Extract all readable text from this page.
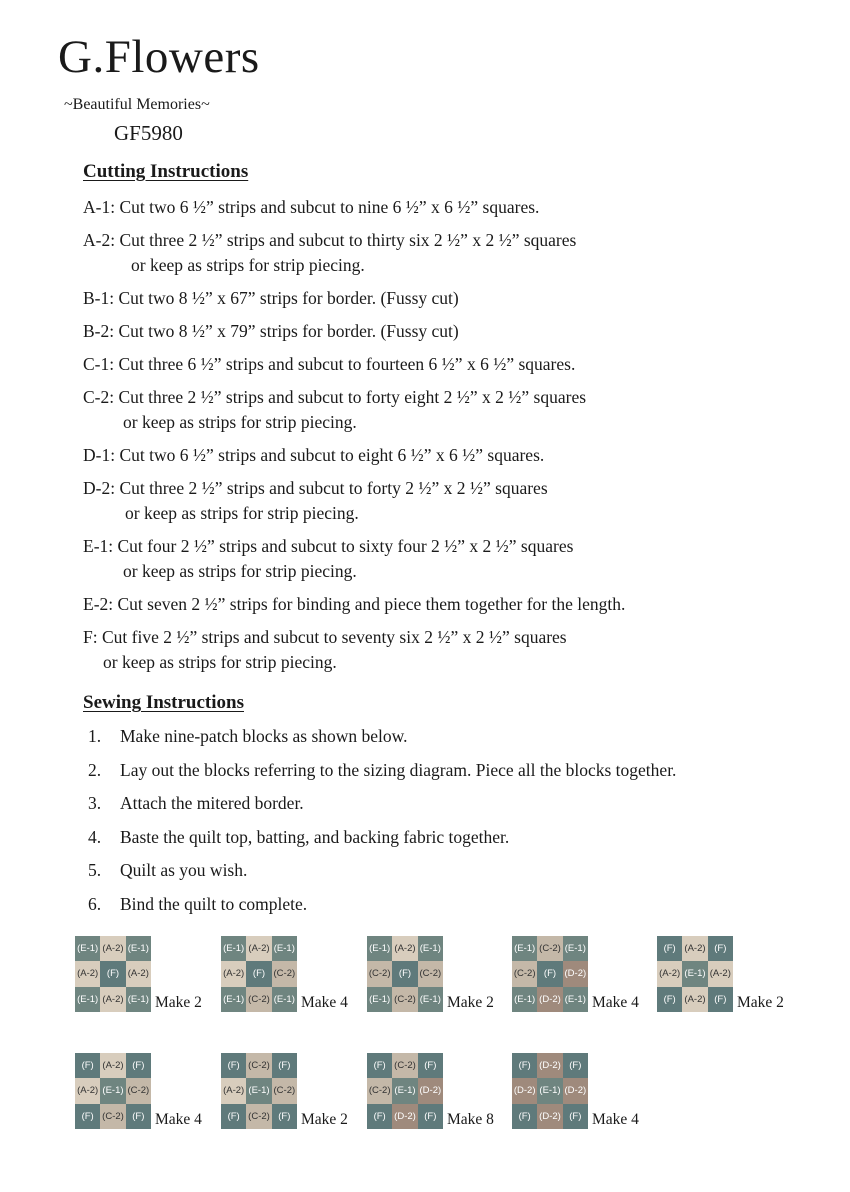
G.Flowers
~Beautiful Memories~
GF5980
Cutting Instructions
A-1: Cut two 6 ½” strips and subcut to nine 6 ½” x 6 ½” squares.
A-2: Cut three 2 ½” strips and subcut to thirty six 2 ½” x 2 ½” squares
or keep as strips for strip piecing.
B-1: Cut two 8 ½” x 67” strips for border. (Fussy cut)
B-2: Cut two 8 ½” x 79” strips for border. (Fussy cut)
C-1: Cut three 6 ½” strips and subcut to fourteen 6 ½” x 6 ½” squares.
C-2: Cut three 2 ½” strips and subcut to forty eight 2 ½” x 2 ½” squares
or keep as strips for strip piecing.
D-1: Cut two 6 ½” strips and subcut to eight 6 ½” x 6 ½” squares.
D-2: Cut three 2 ½” strips and subcut to forty 2 ½” x 2 ½” squares
or keep as strips for strip piecing.
E-1: Cut four 2 ½” strips and subcut to sixty four 2 ½” x 2 ½” squares
or keep as strips for strip piecing.
E-2: Cut seven 2 ½” strips for binding and piece them together for the length.
F: Cut five 2 ½” strips and subcut to seventy six 2 ½” x 2 ½” squares
or keep as strips for strip piecing.
Sewing Instructions
1. Make nine-patch blocks as shown below.
2. Lay out the blocks referring to the sizing diagram. Piece all the blocks together.
3. Attach the mitered border.
4. Baste the quilt top, batting, and backing fabric together.
5. Quilt as you wish.
6. Bind the quilt to complete.
(E-1) (A-2) (E-1)
(A-2) (F) (A-2)
(E-1) (A-2) (E-1) Make 2
(E-1) (A-2) (E-1)
(A-2) (F) (C-2)
(E-1) (C-2) (E-1) Make 4
(E-1) (A-2) (E-1)
(C-2) (F) (C-2)
(E-1) (C-2) (E-1) Make 2
(E-1) (C-2) (E-1)
(C-2) (F) (D-2)
(E-1) (D-2) (E-1) Make 4
(F) (A-2) (F)
(A-2) (E-1) (A-2)
(F) (A-2) (F) Make 2
(F) (A-2) (F)
(A-2) (E-1) (C-2)
(F) (C-2) (F) Make 4
(F) (C-2) (F)
(A-2) (E-1) (C-2)
(F) (C-2) (F) Make 2
(F) (C-2) (F)
(C-2) (E-1) (D-2)
(F) (D-2) (F) Make 8
(F) (D-2) (F)
(D-2) (E-1) (D-2)
(F) (D-2) (F) Make 4
